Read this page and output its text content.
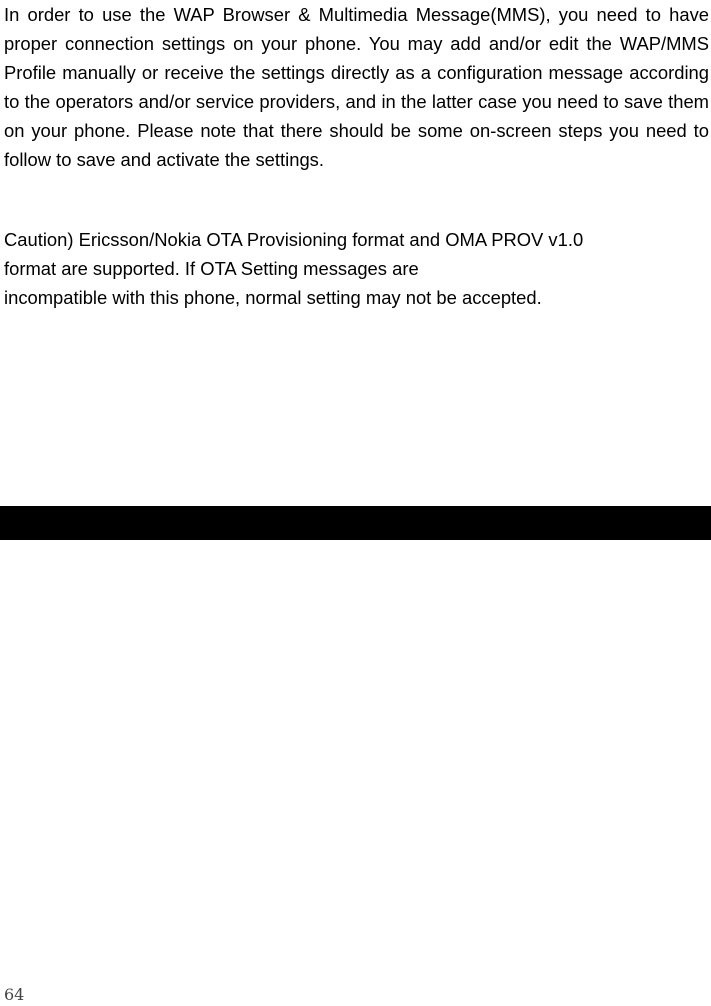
In order to use the WAP Browser & Multimedia Message(MMS), you need to have proper connection settings on your phone. You may add and/or edit the WAP/MMS Profile manually or receive the settings directly as a configuration message according to the operators and/or service providers, and in the latter case you need to save them on your phone. Please note that there should be some on-screen steps you need to follow to save and activate the settings.

Caution) Ericsson/Nokia OTA Provisioning format and OMA PROV v1.0
format are supported. If OTA Setting messages are
incompatible with this phone, normal setting may not be accepted.

64
